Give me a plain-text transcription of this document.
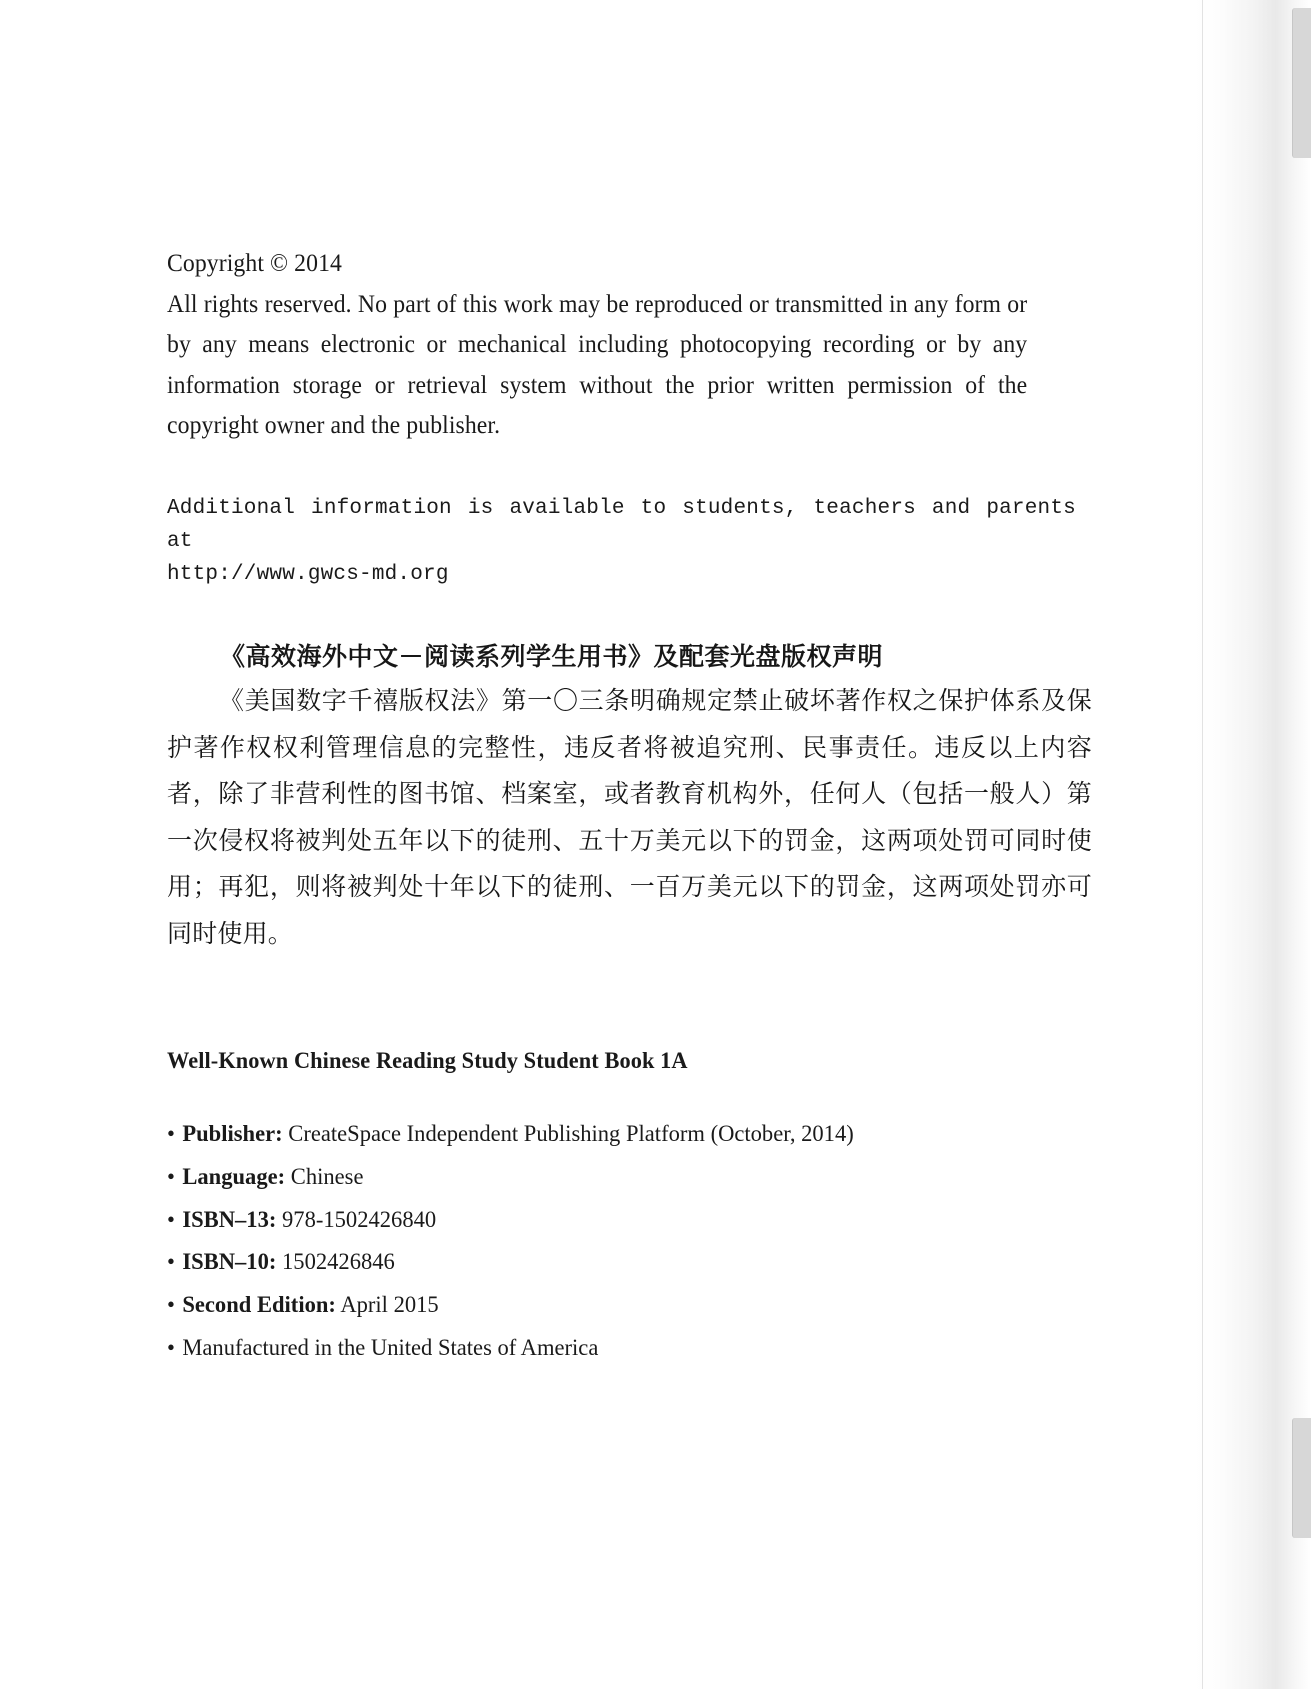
Copyright © 2014

All rights reserved. No part of this work may be reproduced or transmitted in any form or by any means electronic or mechanical including photocopying recording or by any information storage or retrieval system without the prior written permission of the copyright owner and the publisher.

Additional information is available to students, teachers and parents at

http://www.gwcs-md.org

《高效海外中文－阅读系列学生用书》及配套光盘版权声明

《美国数字千禧版权法》第一〇三条明确规定禁止破坏著作权之保护体系及保护著作权权利管理信息的完整性，违反者将被追究刑、民事责任。违反以上内容者，除了非营利性的图书馆、档案室，或者教育机构外，任何人（包括一般人）第一次侵权将被判处五年以下的徒刑、五十万美元以下的罚金，这两项处罚可同时使用；再犯，则将被判处十年以下的徒刑、一百万美元以下的罚金，这两项处罚亦可同时使用。

Well-Known Chinese Reading Study Student Book 1A
• Publisher: CreateSpace Independent Publishing Platform (October, 2014)
• Language: Chinese
• ISBN–13: 978-1502426840
• ISBN–10: 1502426846
• Second Edition: April 2015
• Manufactured in the United States of America
